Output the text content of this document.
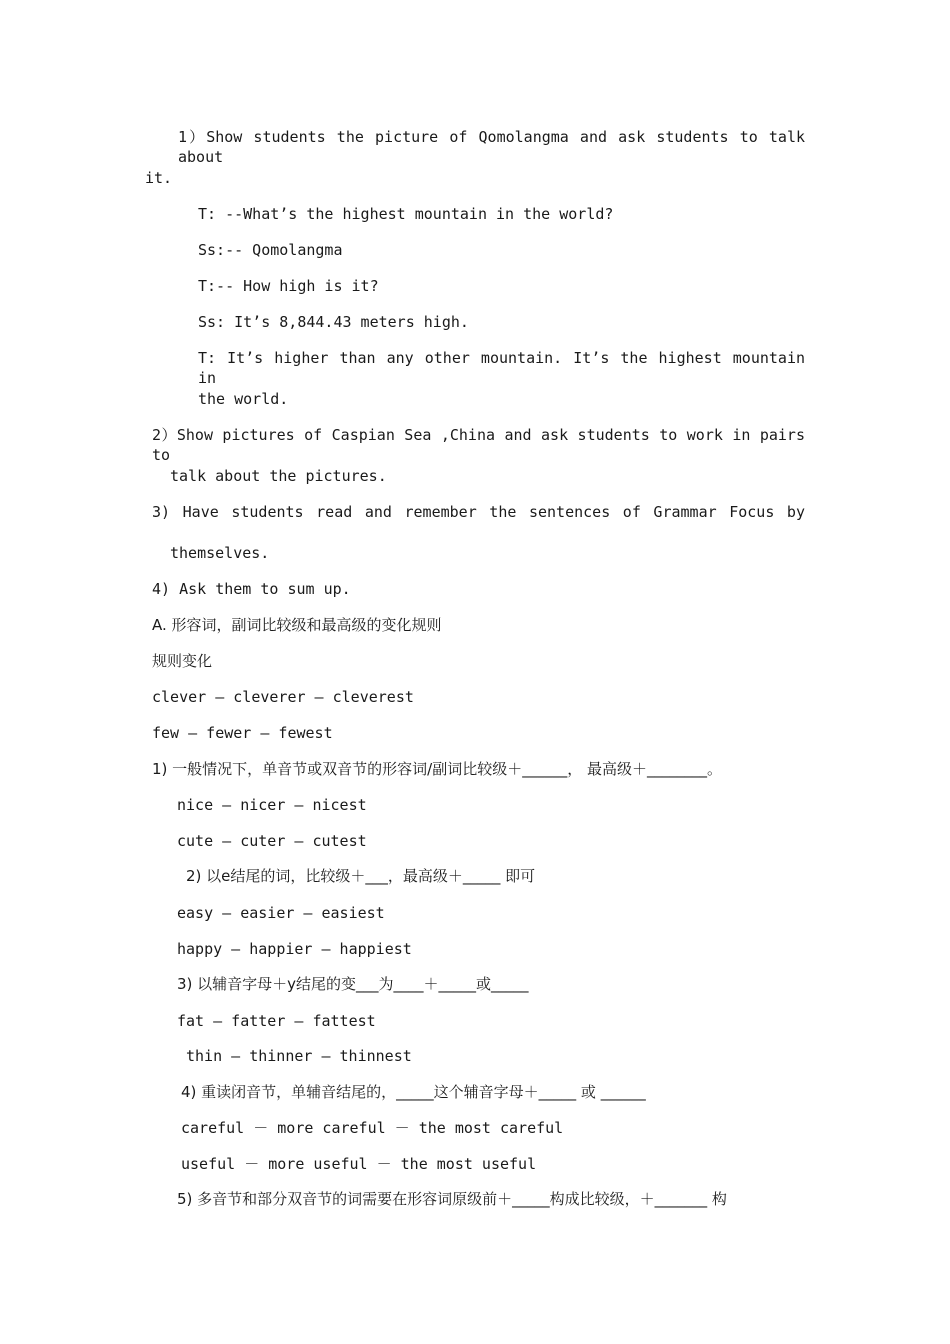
1）Show students the picture of Qomolangma and ask students to talk about
it.
T: --What’s the highest mountain in the world?
Ss:-- Qomolangma
T:-- How high is it?
Ss: It’s 8,844.43 meters high.
T: It’s higher than any other mountain. It’s the highest mountain in
the world.
2）Show pictures of Caspian Sea ,China and ask students to work in pairs to
talk about the pictures.
3) Have students read and remember the sentences of Grammar Focus by
themselves.
4) Ask them to sum up.
A. 形容词，副词比较级和最高级的变化规则
规则变化
clever — cleverer — cleverest
few — fewer — fewest
1) 一般情况下，单音节或双音节的形容词/副词比较级＋______， 最高级＋________。
nice — nicer — nicest
cute — cuter — cutest
2) 以e结尾的词，比较级＋___，最高级＋_____ 即可
easy — easier — easiest
happy — happier — happiest
3) 以辅音字母＋y结尾的变___为____＋_____或_____
fat — fatter — fattest
thin — thinner — thinnest
4) 重读闭音节，单辅音结尾的，_____这个辅音字母＋_____ 或 ______
careful － more careful － the most careful
useful － more useful － the most useful
5) 多音节和部分双音节的词需要在形容词原级前＋_____构成比较级，＋_______ 构
